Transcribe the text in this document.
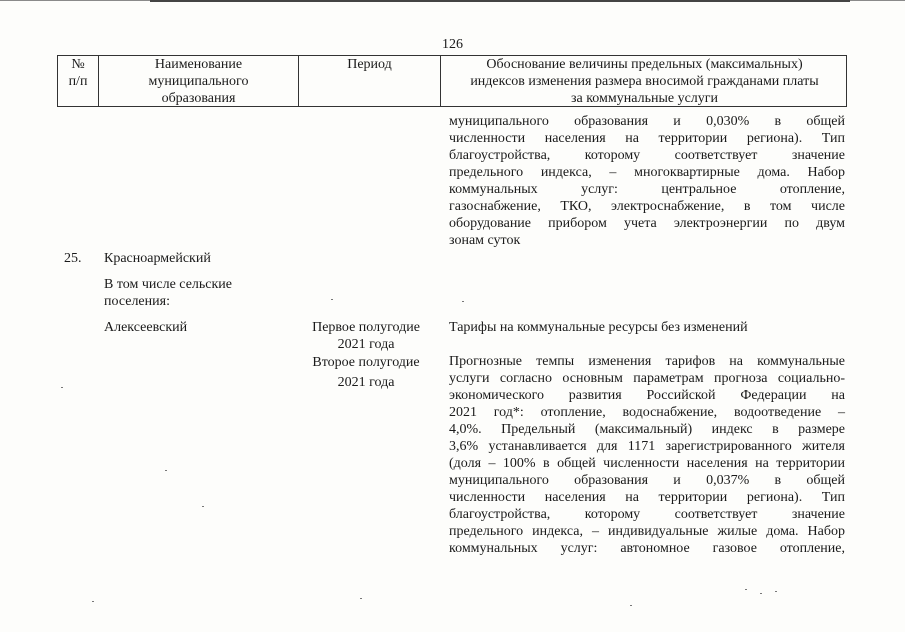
126
№
п/п
Наименование
муниципального
образования
Период	Обоснование величины предельных (максимальных)
индексов изменения размера вносимой гражданами платы
за коммунальные услуги
муниципального образования и 0,030% в общей
численности населения на территории региона). Тип
благоустройства, которому соответствует значение
предельного индекса, – многоквартирные дома. Набор
коммунальных услуг: центральное отопление,
газоснабжение, ТКО, электроснабжение, в том числе
оборудование прибором учета электроэнергии по двум
зонам суток
25. Красноармейский
В том числе сельские
поселения:
Алексеевский	Первое полугодие
2021 года
Второе полугодие
2021 года
Тарифы на коммунальные ресурсы без изменений
Прогнозные темпы изменения тарифов на коммунальные
услуги согласно основным параметрам прогноза социально-
экономического развития Российской Федерации на
2021 год*: отопление, водоснабжение, водоотведение –
4,0%. Предельный (максимальный) индекс в размере
3,6% устанавливается для 1171 зарегистрированного жителя
(доля – 100% в общей численности населения на территории
муниципального образования и 0,037% в общей
численности населения на территории региона). Тип
благоустройства, которому соответствует значение
предельного индекса, – индивидуальные жилые дома. Набор
коммунальных услуг: автономное газовое отопление,
